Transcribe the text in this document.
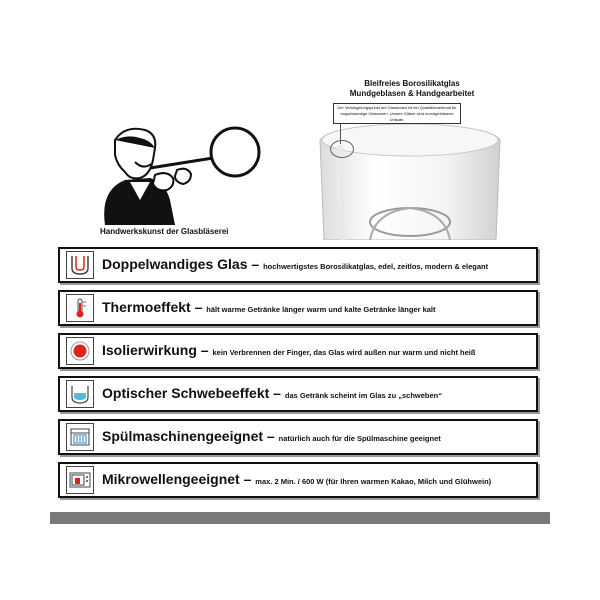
Handwerkskunst der Glasbläserei
Bleifreies Borosilikatglas
Mundgeblasen & Handgearbeitet
Der Versiegelungspunkt am Glasboden ist ein Qualitätsmerkmal für doppelwandige Glaswaren. Unsere Gläser sind mundgeblasene Unikate.
Doppelwandiges Glas – hochwertigstes Borosilikatglas, edel, zeitlos, modern & elegant
Thermoeffekt – hält warme Getränke länger warm und kalte Getränke länger kalt
Isolierwirkung – kein Verbrennen der Finger, das Glas wird außen nur warm und nicht heiß
Optischer Schwebeeffekt – das Getränk scheint im Glas zu „schweben“
Spülmaschinengeeignet – natürlich auch für die Spülmaschine geeignet
Mikrowellengeeignet – max. 2 Min. / 600 W (für Ihren warmen Kakao, Milch und Glühwein)
